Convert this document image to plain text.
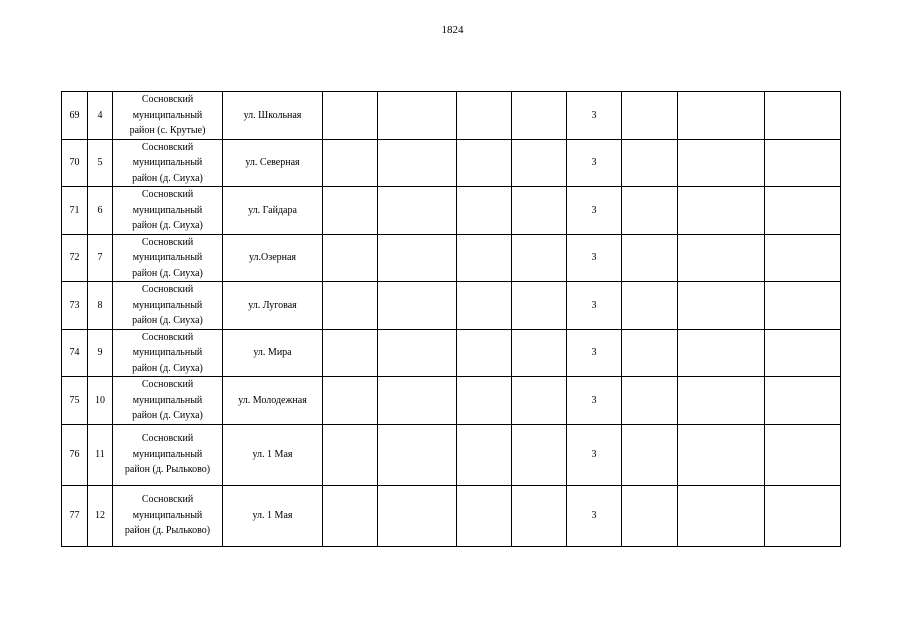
1824
69	4	Сосновский
муниципальный
район (с. Крутые)	ул. Школьная					3			
70	5	Сосновский
муниципальный
район (д. Сиуха)	ул. Северная					3			
71	6	Сосновский
муниципальный
район (д. Сиуха)	ул. Гайдара					3			
72	7	Сосновский
муниципальный
район (д. Сиуха)	ул.Озерная					3			
73	8	Сосновский
муниципальный
район (д. Сиуха)	ул. Луговая					3			
74	9	Сосновский
муниципальный
район (д. Сиуха)	ул. Мира					3			
75	10	Сосновский
муниципальный
район (д. Сиуха)	ул. Молодежная					3			
76	11	Сосновский
муниципальный
район (д. Рыльково)	ул. 1 Мая					3			
77	12	Сосновский
муниципальный
район (д. Рыльково)	ул. 1 Мая					3			
